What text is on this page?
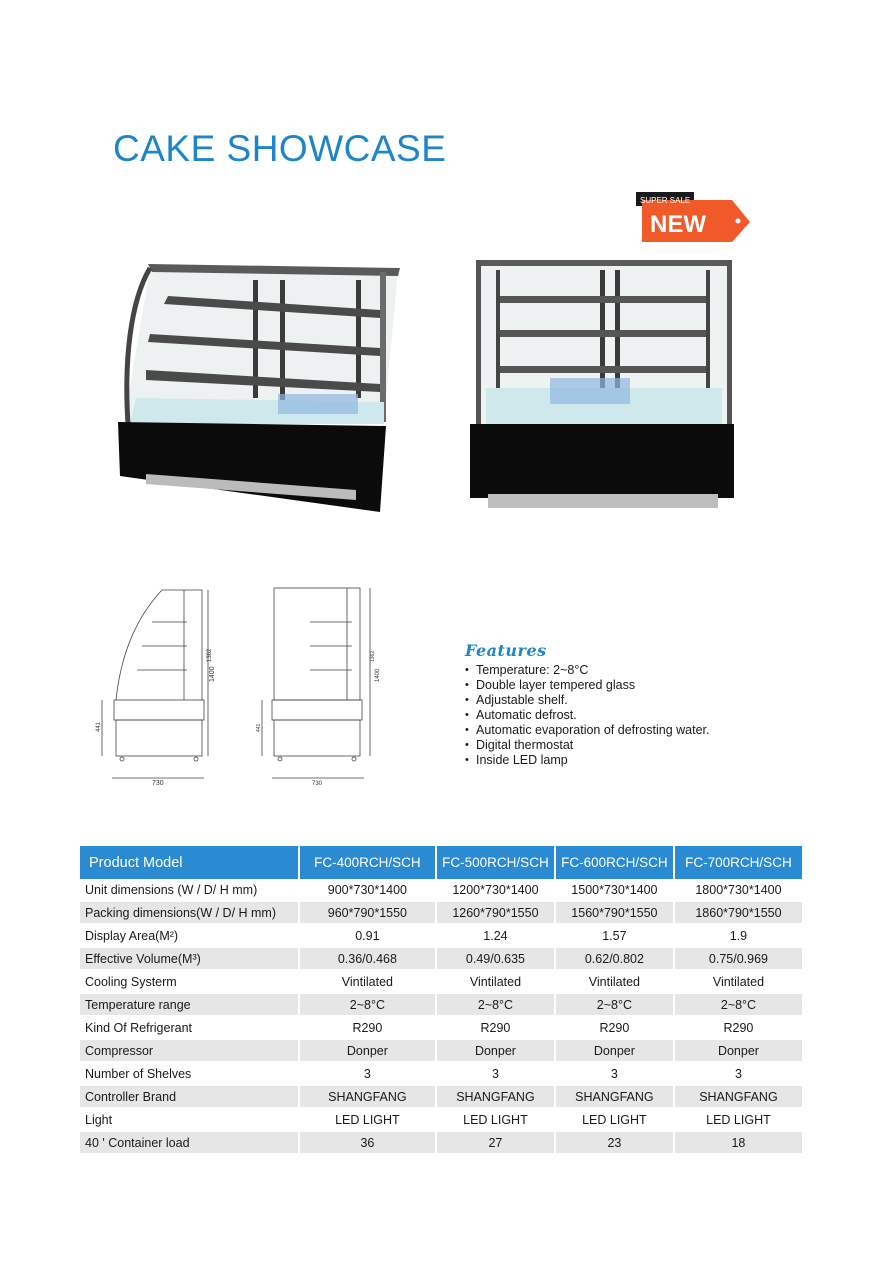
CAKE SHOWCASE
SUPER SALE
NEW
730
1400
1362
441
730
1400
1362
441
Features
• Temperature: 2~8°C
• Double layer tempered glass
• Adjustable shelf.
• Automatic defrost.
• Automatic evaporation of defrosting water.
• Digital thermostat
• Inside LED lamp
Product Model	FC-400RCH/SCH	FC-500RCH/SCH	FC-600RCH/SCH	FC-700RCH/SCH
Unit dimensions (W / D/ H mm)	900*730*1400	1200*730*1400	1500*730*1400	1800*730*1400
Packing dimensions(W / D/ H mm)	960*790*1550	1260*790*1550	1560*790*1550	1860*790*1550
Display Area(M²)	0.91	1.24	1.57	1.9
Effective Volume(M³)	0.36/0.468	0.49/0.635	0.62/0.802	0.75/0.969
Cooling Systerm	Vintilated	Vintilated	Vintilated	Vintilated
Temperature range	2~8°C	2~8°C	2~8°C	2~8°C
Kind Of Refrigerant	R290	R290	R290	R290
Compressor	Donper	Donper	Donper	Donper
Number of Shelves	3	3	3	3
Controller Brand	SHANGFANG	SHANGFANG	SHANGFANG	SHANGFANG
Light	LED LIGHT	LED LIGHT	LED LIGHT	LED LIGHT
40 ' Container load	36	27	23	18
